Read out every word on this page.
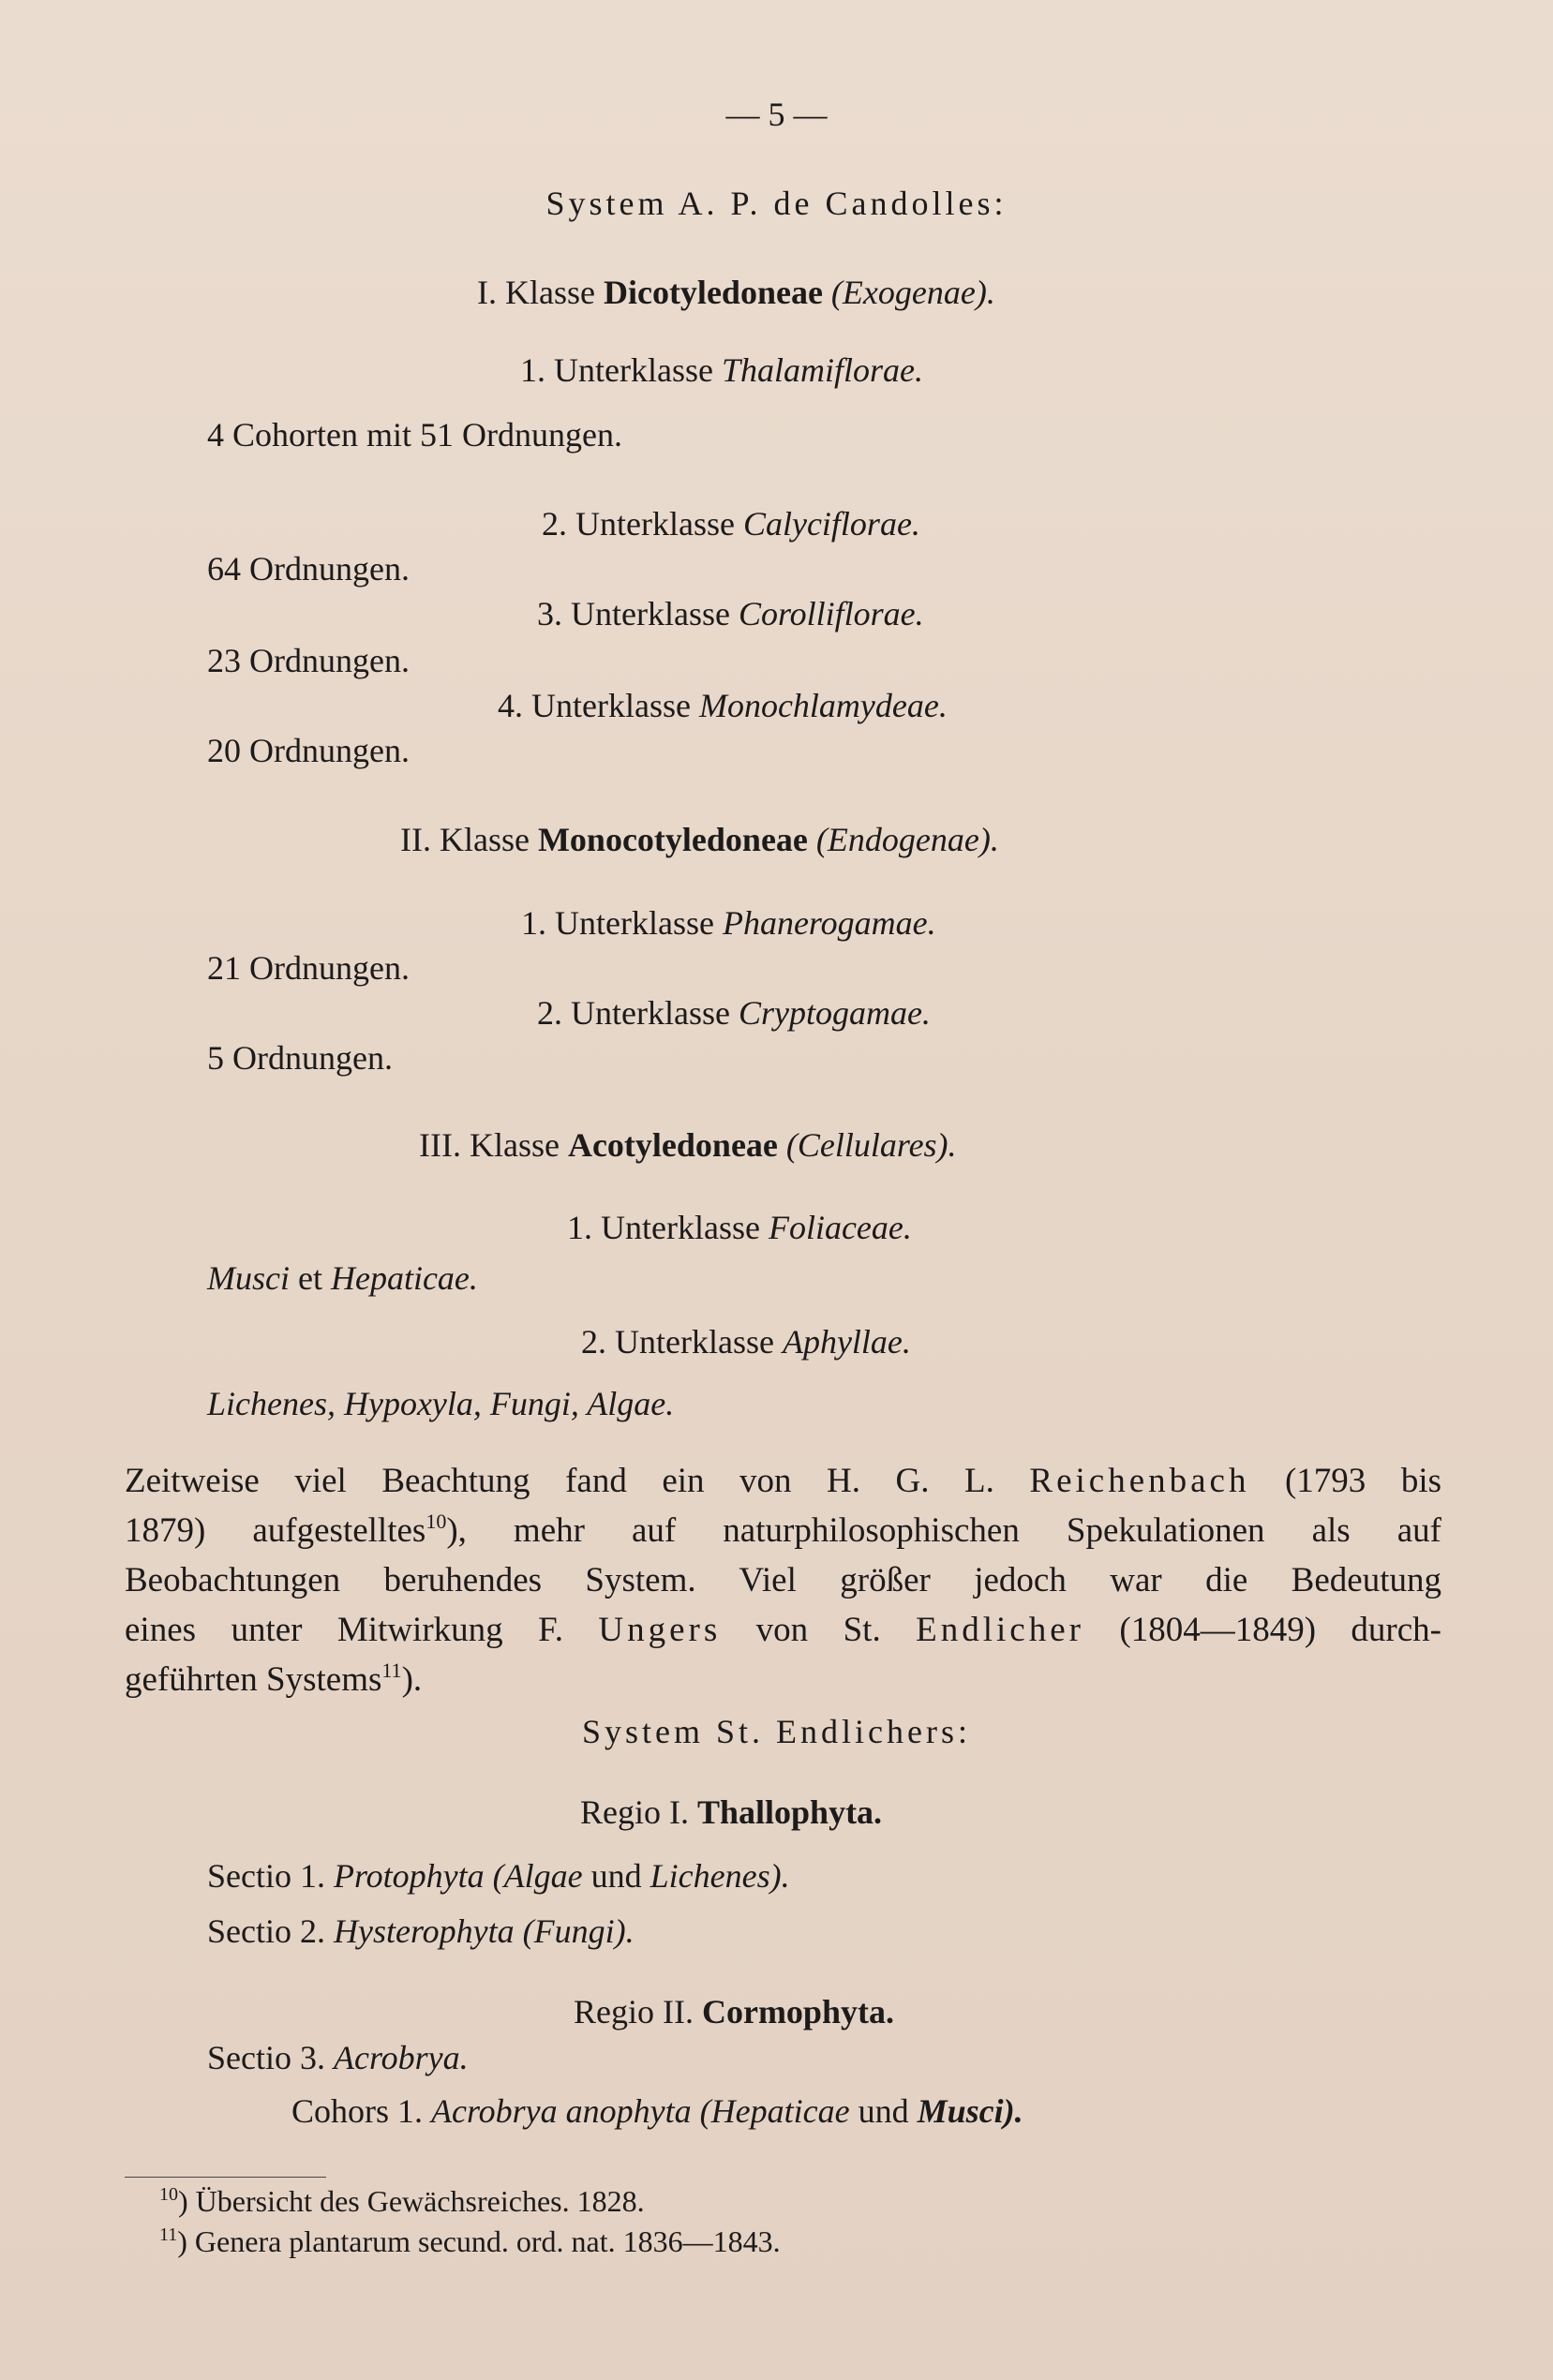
— 5 —
System A. P. de Candolles:
I. Klasse Dicotyledoneae (Exogenae).
1. Unterklasse Thalamiflorae.
4 Cohorten mit 51 Ordnungen.
2. Unterklasse Calyciflorae.
64 Ordnungen.
3. Unterklasse Corolliflorae.
23 Ordnungen.
4. Unterklasse Monochlamydeae.
20 Ordnungen.
II. Klasse Monocotyledoneae (Endogenae).
1. Unterklasse Phanerogamae.
21 Ordnungen.
2. Unterklasse Cryptogamae.
5 Ordnungen.
III. Klasse Acotyledoneae (Cellulares).
1. Unterklasse Foliaceae.
Musci et Hepaticae.
2. Unterklasse Aphyllae.
Lichenes, Hypoxyla, Fungi, Algae.
Zeitweise viel Beachtung fand ein von H. G. L. Reichenbach (1793 bis
1879) aufgestelltes$^{10}$), mehr auf naturphilosophischen Spekulationen als auf
Beobachtungen beruhendes System. Viel größer jedoch war die Bedeutung
eines unter Mitwirkung F. Ungers von St. Endlicher (1804—1849) durch-
geführten Systems$^{11}$).
System St. Endlichers:
Regio I. Thallophyta.
Sectio 1. Protophyta (Algae und Lichenes).
Sectio 2. Hysterophyta (Fungi).
Regio II. Cormophyta.
Sectio 3. Acrobrya.
Cohors 1. Acrobrya anophyta (Hepaticae und Musci).
$^{10}$) Übersicht des Gewächsreiches. 1828.
$^{11}$) Genera plantarum secund. ord. nat. 1836—1843.
